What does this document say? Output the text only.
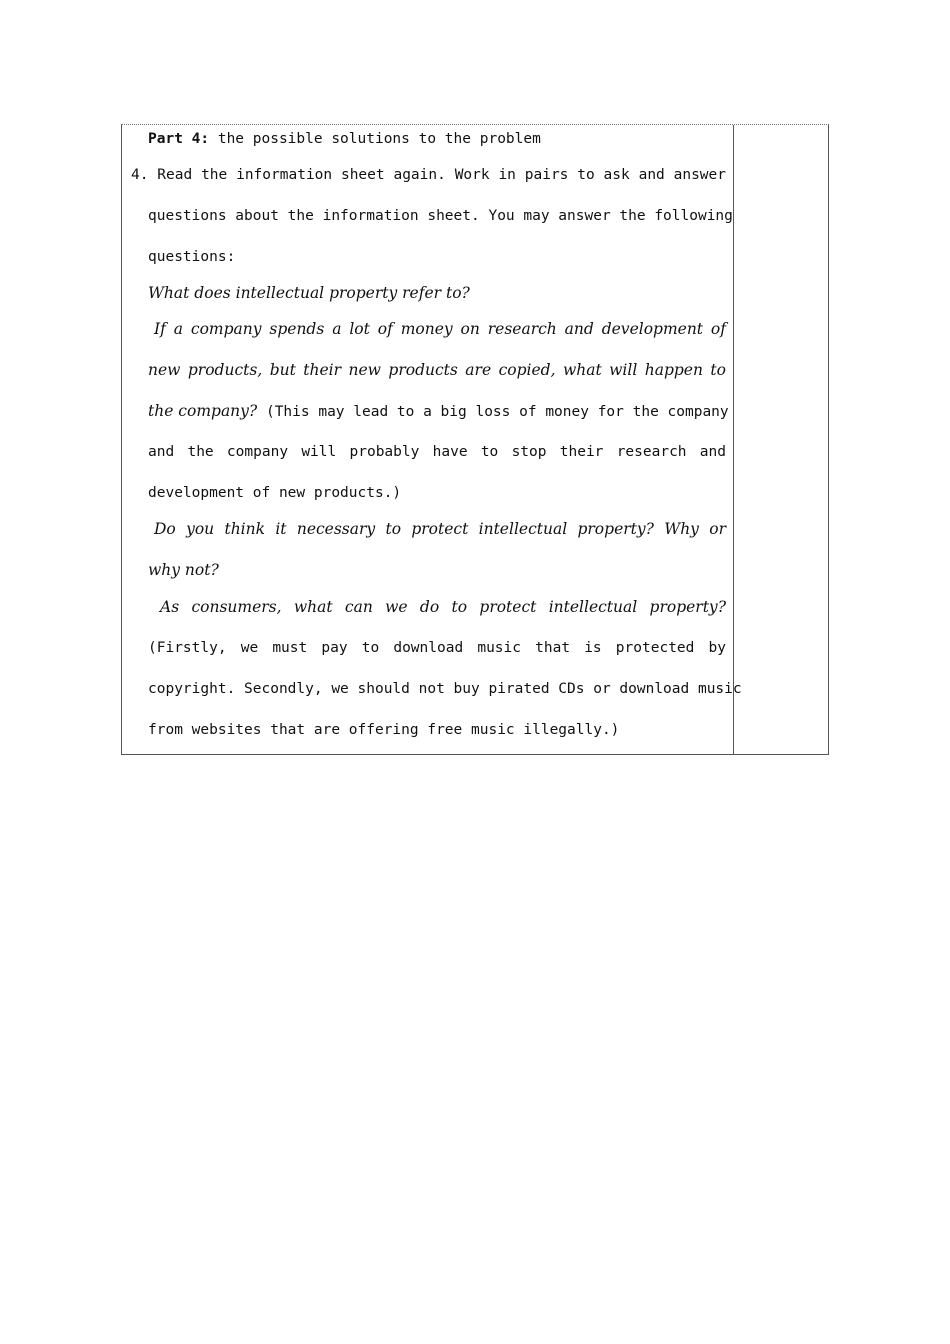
Part 4: the possible solutions to the problem
4. Read the information sheet again. Work in pairs to ask and answer
questions about the information sheet. You may answer the following
questions:
What does intellectual property refer to?
If a company spends a lot of money on research and development of
new products, but their new products are copied, what will happen to
the company? (This may lead to a big loss of money for the company
and the company will probably have to stop their research and
development of new products.)
Do you think it necessary to protect intellectual property? Why or
why not?
As consumers, what can we do to protect intellectual property?
(Firstly, we must pay to download music that is protected by
copyright. Secondly, we should not buy pirated CDs or download music
from websites that are offering free music illegally.)
